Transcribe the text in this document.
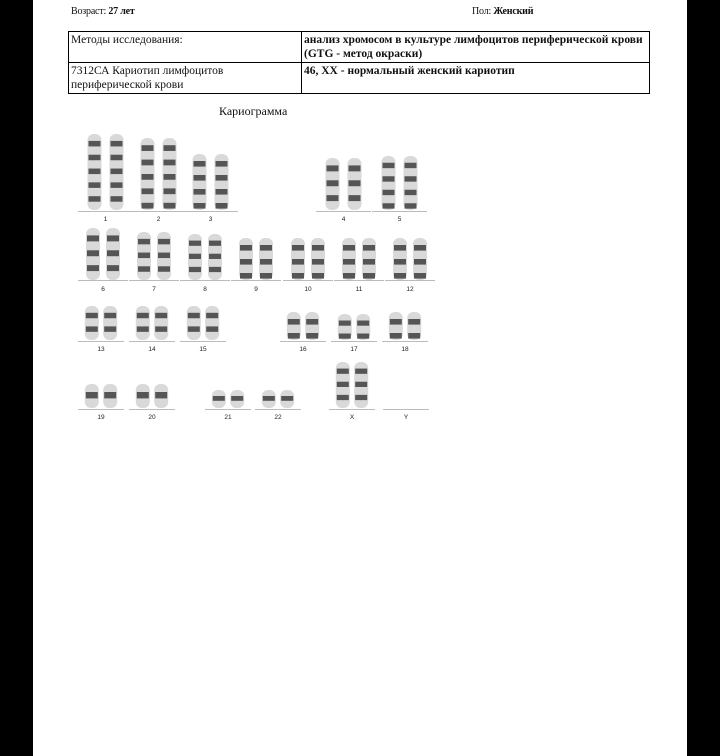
Возраст: 27 лет	Пол: Женский
Методы исследования:	анализ хромосом в культуре лимфоцитов периферической крови (GTG - метод окраски)
7312СА Кариотип лимфоцитов периферической крови	46, XX - нормальный женский кариотип
Кариограмма
1	2	3	4	5
6	7	8	9	10	11	12
13	14	15	16	17	18
19	20	21	22	X	Y
